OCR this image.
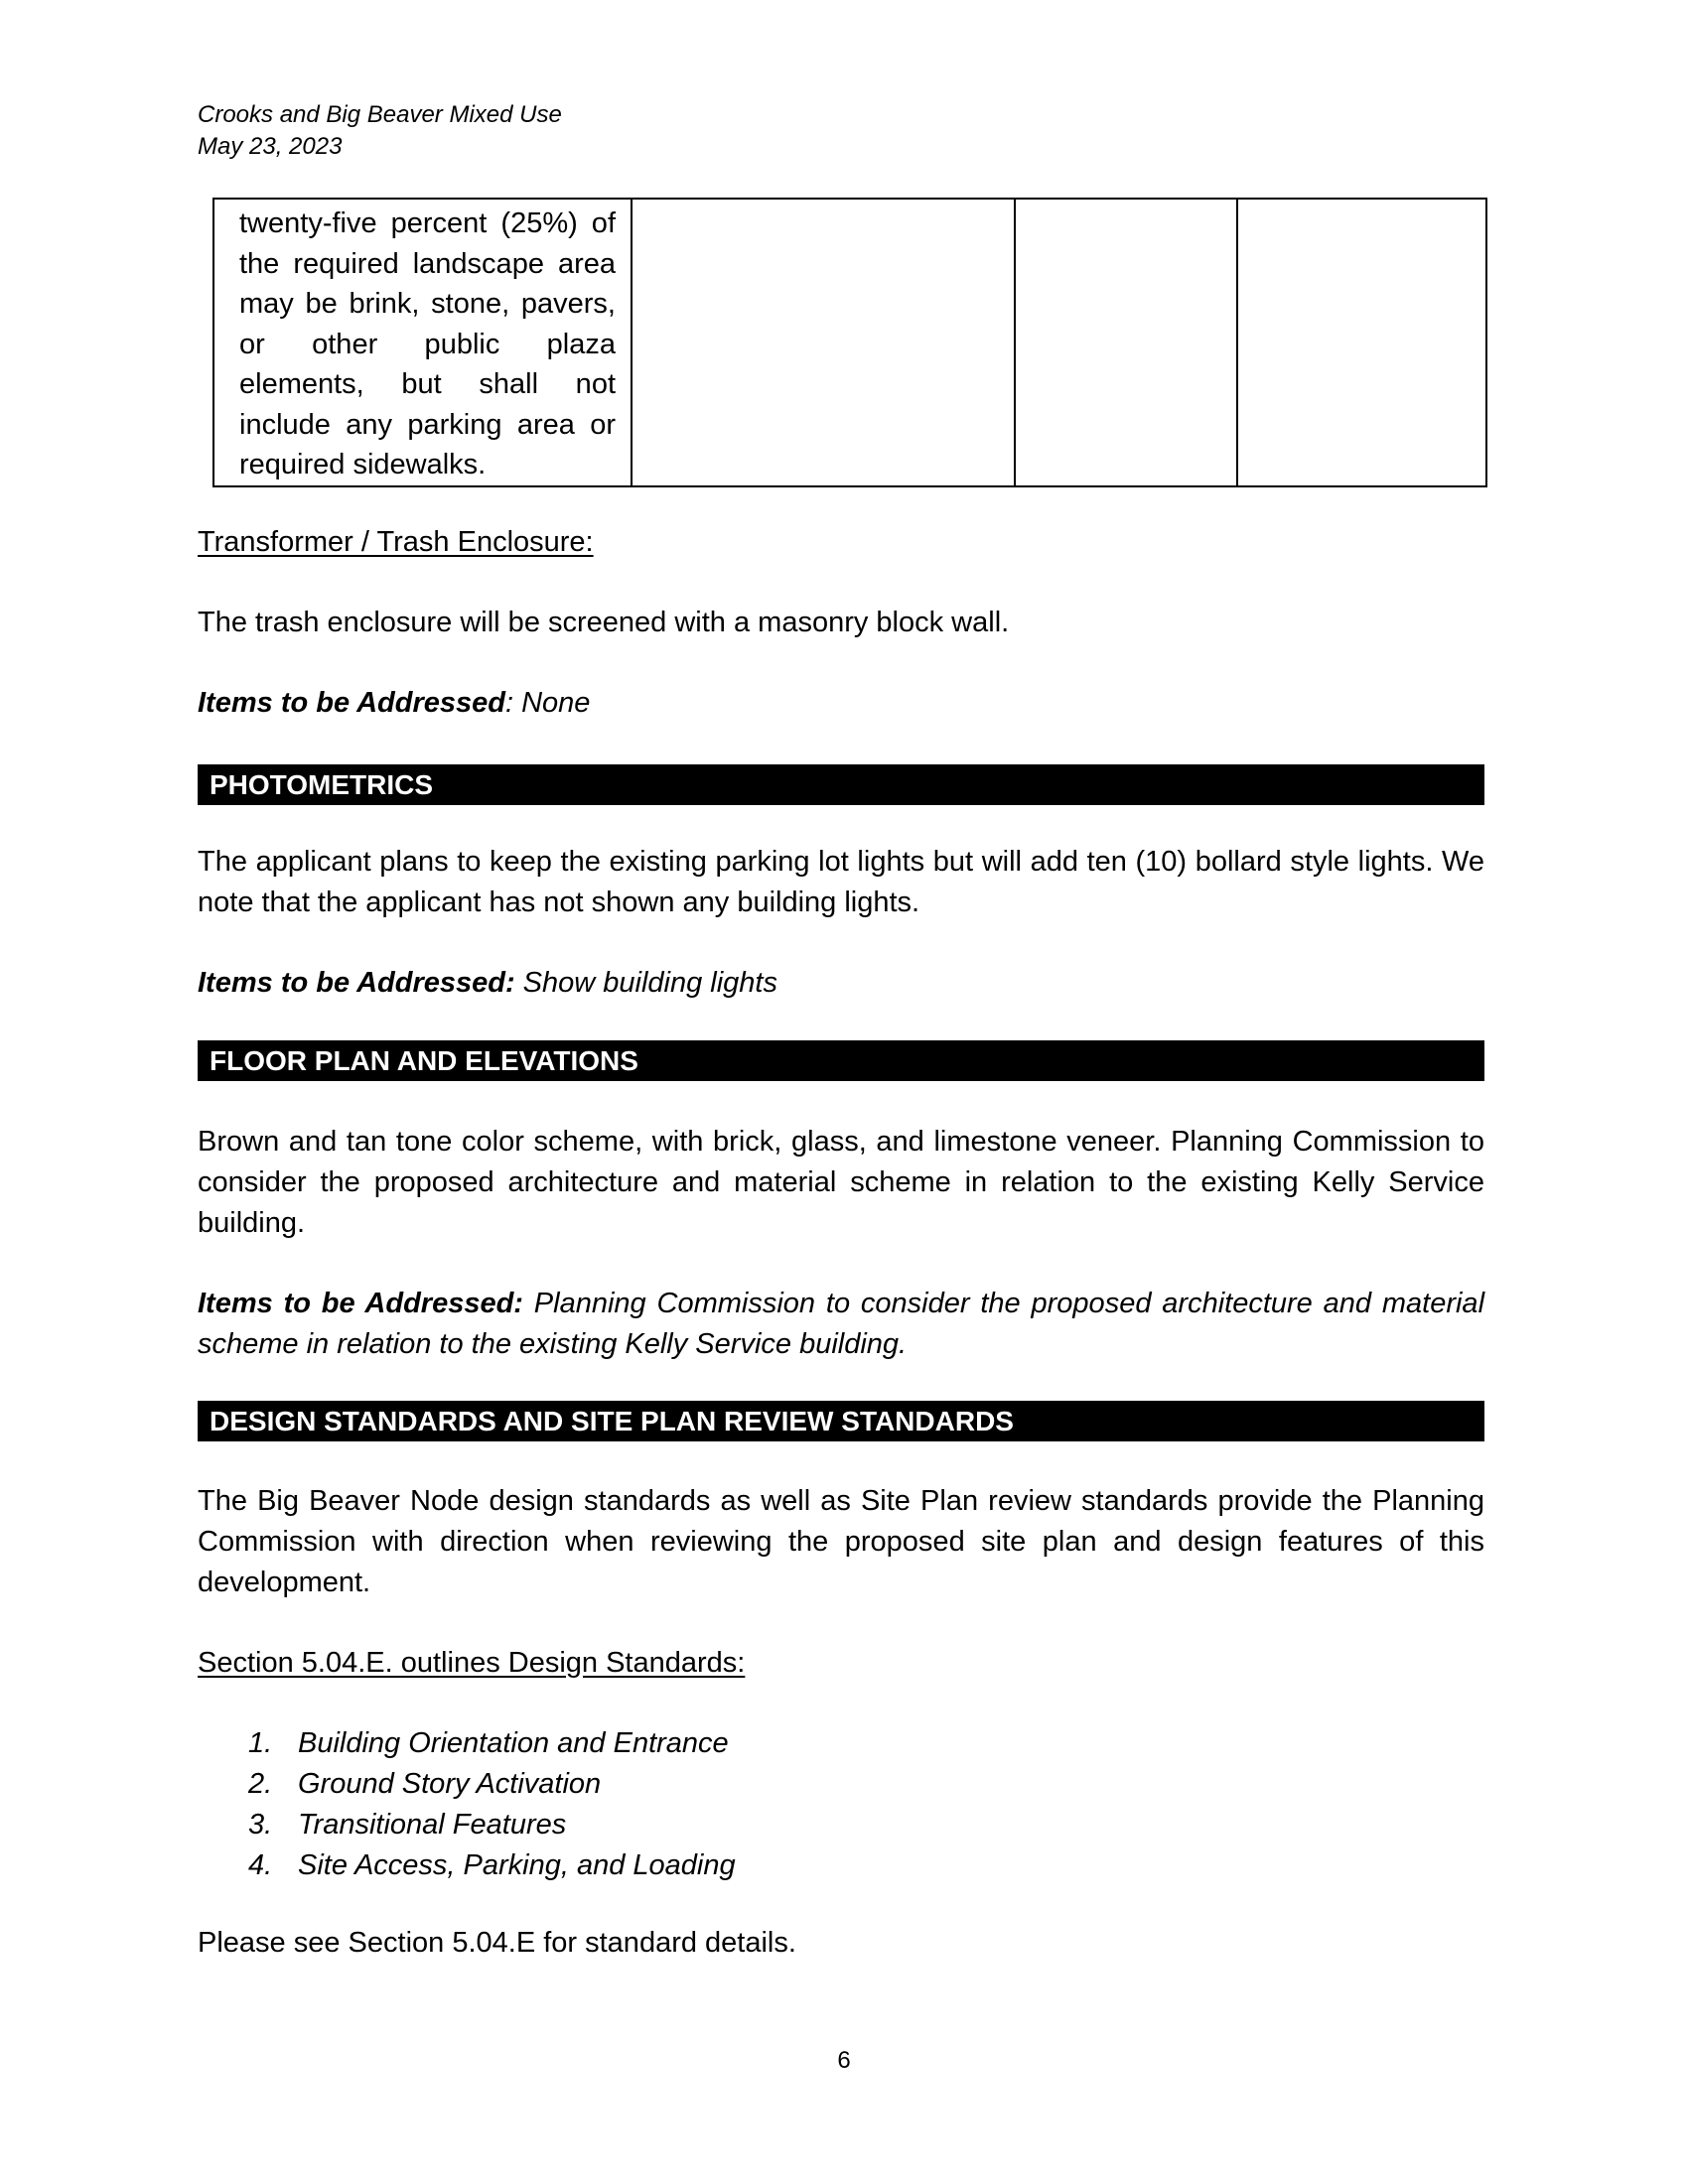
Crooks and Big Beaver Mixed Use
May 23, 2023
twenty-five percent (25%) of the required landscape area may be brink, stone, pavers, or other public plaza elements, but shall not include any parking area or required sidewalks.

Transformer / Trash Enclosure:
The trash enclosure will be screened with a masonry block wall.
Items to be Addressed: None
PHOTOMETRICS
The applicant plans to keep the existing parking lot lights but will add ten (10) bollard style lights. We note that the applicant has not shown any building lights.
Items to be Addressed: Show building lights
FLOOR PLAN AND ELEVATIONS
Brown and tan tone color scheme, with brick, glass, and limestone veneer. Planning Commission to consider the proposed architecture and material scheme in relation to the existing Kelly Service building.
Items to be Addressed: Planning Commission to consider the proposed architecture and material scheme in relation to the existing Kelly Service building.
DESIGN STANDARDS AND SITE PLAN REVIEW STANDARDS
The Big Beaver Node design standards as well as Site Plan review standards provide the Planning Commission with direction when reviewing the proposed site plan and design features of this development.
Section 5.04.E. outlines Design Standards:
1. Building Orientation and Entrance
2. Ground Story Activation
3. Transitional Features
4. Site Access, Parking, and Loading
Please see Section 5.04.E for standard details.
6
